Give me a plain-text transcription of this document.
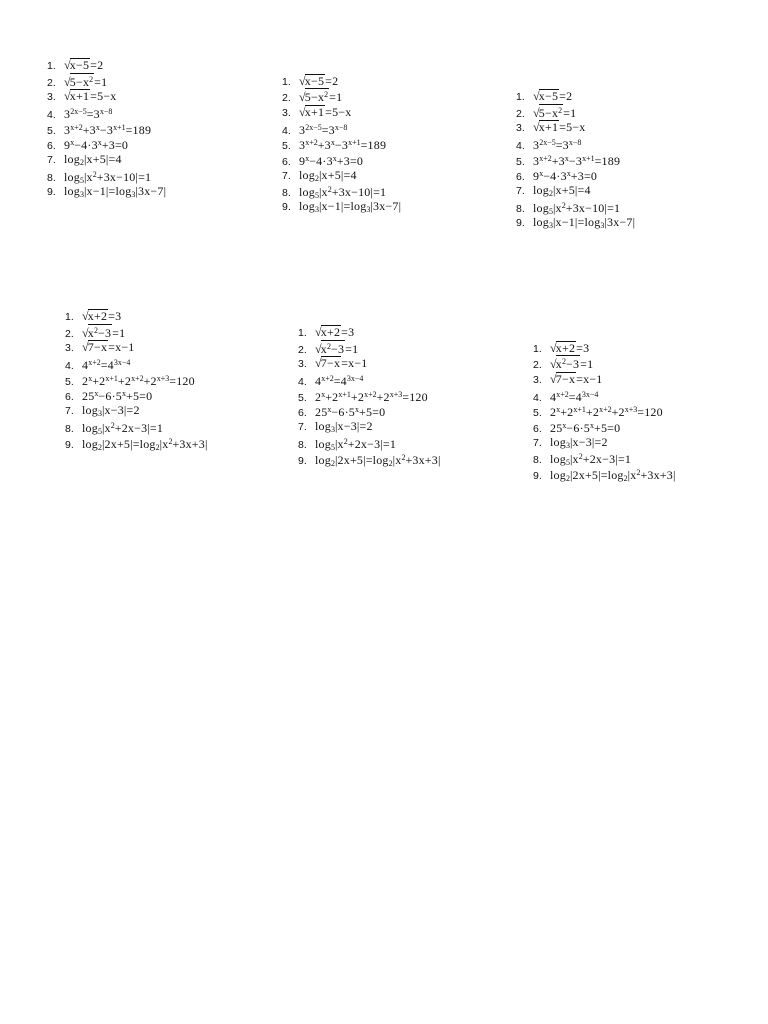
1. √x−5=2
2. $√5-x^2=1$
3. √x+1=5−x
4. $3^{2x-5}=3^{x-8}$
5. $3^{x+2}+3^x-3^{x+1}=189$
6. $9^x-4\cdot 3^x+3=0$
7. $\log_2|x+5|=4$
8. $\log_5|x^2+3x-10|=1$
9. $\log_3|x-1|=\log_3|3x-7|$
1. √x−5=2
2. $√5-x^2=1$
3. √x+1=5−x
4. $3^{2x-5}=3^{x-8}$
5. $3^{x+2}+3^x-3^{x+1}=189$
6. $9^x-4\cdot 3^x+3=0$
7. $\log_2|x+5|=4$
8. $\log_5|x^2+3x-10|=1$
9. $\log_3|x-1|=\log_3|3x-7|$
1. √x−5=2
2. $√5-x^2=1$
3. √x+1=5−x
4. $3^{2x-5}=3^{x-8}$
5. $3^{x+2}+3^x-3^{x+1}=189$
6. $9^x-4\cdot 3^x+3=0$
7. $\log_2|x+5|=4$
8. $\log_5|x^2+3x-10|=1$
9. $\log_3|x-1|=\log_3|3x-7|$
1. √x+2=3
2. $√x^2-3=1$
3. √7−x=x−1
4. $4^{x+2}=4^{3x-4}$
5. $2^x+2^{x+1}+2^{x+2}+2^{x+3}=120$
6. $25^x-6\cdot 5^x+5=0$
7. $\log_3|x-3|=2$
8. $\log_5|x^2+2x-3|=1$
9. $\log_2|2x+5|=\log_2|x^2+3x+3|$
1. √x+2=3
2. $√x^2-3=1$
3. √7−x=x−1
4. $4^{x+2}=4^{3x-4}$
5. $2^x+2^{x+1}+2^{x+2}+2^{x+3}=120$
6. $25^x-6\cdot 5^x+5=0$
7. $\log_3|x-3|=2$
8. $\log_5|x^2+2x-3|=1$
9. $\log_2|2x+5|=\log_2|x^2+3x+3|$
1. √x+2=3
2. $√x^2-3=1$
3. √7−x=x−1
4. $4^{x+2}=4^{3x-4}$
5. $2^x+2^{x+1}+2^{x+2}+2^{x+3}=120$
6. $25^x-6\cdot 5^x+5=0$
7. $\log_3|x-3|=2$
8. $\log_5|x^2+2x-3|=1$
9. $\log_2|2x+5|=\log_2|x^2+3x+3|$
